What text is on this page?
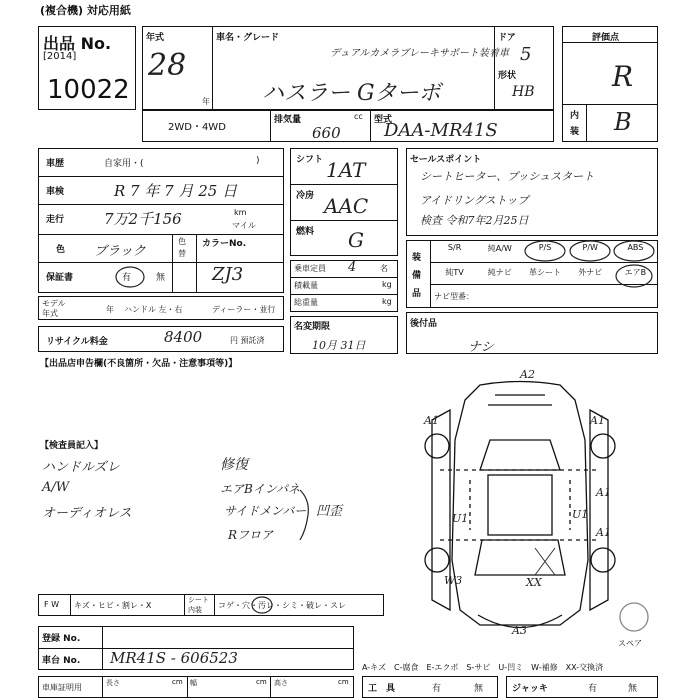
(複合機) 対応用紙
出品 No.
[2014]
10022
年式
28
年
車名・グレード
デュアルカメラブレーキサポート装着車
ハスラー Gターボ
ドア
5
形状
HB
2WD・4WD
排気量	cc
660
型式
DAA-MR41S
評価点
R
内
装 B
車歴	自家用・(	)
車検	R 7 年 7 月 25 日
走行	7万2千156	km
マイル
色 ブラック
色
替
カラーNo.
保証書	有	無	ZJ3
モデル
年式	年 ハンドル 左・右	ディーラー・並行
リサイクル料金	8400	円 預託済
シフト 1AT
冷房 AAC
燃料 G
乗車定員 4	名
積載量	kg
総重量	kg
名変期限
10月 31日
セールスポイント
シートヒーター、プッシュスタート
アイドリングストップ
検査 令和7年2月25日
装
備
品
S/R	純A/W	P/S	P/W	ABS
純TV	純ナビ	革シート	外ナビ	エアB
ナビ型番：
後付品
ナシ
【出品店申告欄(不良箇所・欠品・注意事項等)】
【検査員記入】
ハンドルズレ
A/W
オーディオレス
修復
エアBインパネ
サイドメンバー 凹歪
Rフロア
A2
A1	A1
A1
A1
U1	U1
W3	XX
A3
スペア
F W キズ・ヒビ・割レ・X
シート
内装 コゲ・穴・汚レ・シミ・破レ・スレ
登録 No.
車台 No. MR41S - 606523
A-キズ　C-腐食　E-エクボ　S-サビ　U-凹ミ　W-補修　XX-交換済
車庫証明用	長さ	cm 幅	cm 高さ	cm
工　具	有	無	ジャッキ	有	無
